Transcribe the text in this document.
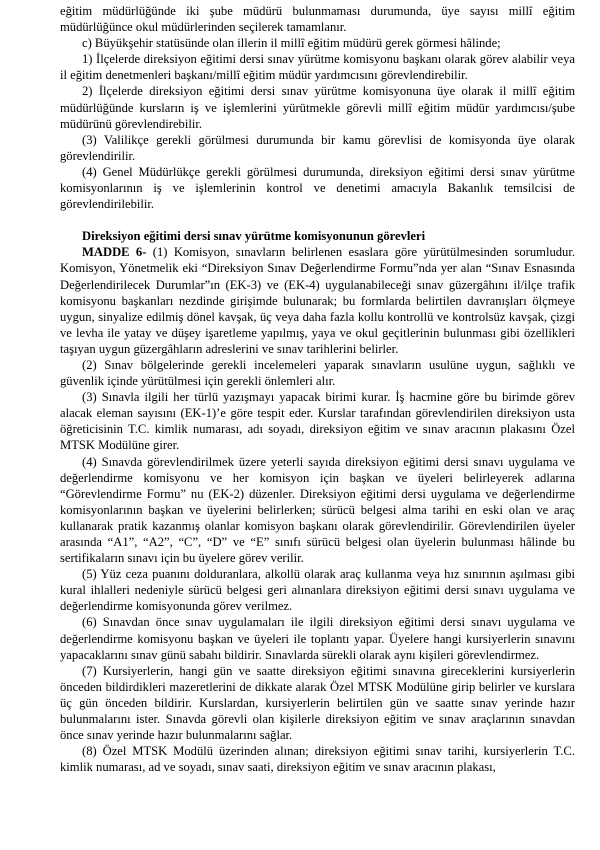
eğitim müdürlüğünde iki şube müdürü bulunmaması durumunda, üye sayısı millî eğitim müdürlüğünce okul müdürlerinden seçilerek tamamlanır.

c) Büyükşehir statüsünde olan illerin il millî eğitim müdürü gerek görmesi hâlinde;

1) İlçelerde direksiyon eğitimi dersi sınav yürütme komisyonu başkanı olarak görev alabilir veya il eğitim denetmenleri başkanı/millî eğitim müdür yardımcısını görevlendirebilir.

2) İlçelerde direksiyon eğitimi dersi sınav yürütme komisyonuna üye olarak il millî eğitim müdürlüğünde kursların iş ve işlemlerini yürütmekle görevli millî eğitim müdür yardımcısı/şube müdürünü görevlendirebilir.

(3) Valilikçe gerekli görülmesi durumunda bir kamu görevlisi de komisyonda üye olarak görevlendirilir.

(4) Genel Müdürlükçe gerekli görülmesi durumunda, direksiyon eğitimi dersi sınav yürütme komisyonlarının iş ve işlemlerinin kontrol ve denetimi amacıyla Bakanlık temsilcisi de görevlendirilebilir.

Direksiyon eğitimi dersi sınav yürütme komisyonunun görevleri

MADDE 6- (1) Komisyon, sınavların belirlenen esaslara göre yürütülmesinden sorumludur. Komisyon, Yönetmelik eki “Direksiyon Sınav Değerlendirme Formu”nda yer alan “Sınav Esnasında Değerlendirilecek Durumlar”ın (EK-3) ve (EK-4) uygulanabileceği sınav güzergâhını il/ilçe trafik komisyonu başkanları nezdinde girişimde bulunarak; bu formlarda belirtilen davranışları ölçmeye uygun, sinyalize edilmiş dönel kavşak, üç veya daha fazla kollu kontrollü ve kontrolsüz kavşak, çizgi ve levha ile yatay ve düşey işaretleme yapılmış, yaya ve okul geçitlerinin bulunması gibi özellikleri taşıyan uygun güzergâhların adreslerini ve sınav tarihlerini belirler.

(2) Sınav bölgelerinde gerekli incelemeleri yaparak sınavların usulüne uygun, sağlıklı ve güvenlik içinde yürütülmesi için gerekli önlemleri alır.

(3) Sınavla ilgili her türlü yazışmayı yapacak birimi kurar. İş hacmine göre bu birimde görev alacak eleman sayısını (EK-1)’e göre tespit eder. Kurslar tarafından görevlendirilen direksiyon usta öğreticisinin T.C. kimlik numarası, adı soyadı, direksiyon eğitim ve sınav aracının plakasını Özel MTSK Modülüne girer.

(4) Sınavda görevlendirilmek üzere yeterli sayıda direksiyon eğitimi dersi sınavı uygulama ve değerlendirme komisyonu ve her komisyon için başkan ve üyeleri belirleyerek adlarına “Görevlendirme Formu” nu (EK-2) düzenler. Direksiyon eğitimi dersi uygulama ve değerlendirme komisyonlarının başkan ve üyelerini belirlerken; sürücü belgesi alma tarihi en eski olan ve araç kullanarak pratik kazanmış olanlar komisyon başkanı olarak görevlendirilir. Görevlendirilen üyeler arasında “A1”, “A2”, “C”, “D” ve “E” sınıfı sürücü belgesi olan üyelerin bulunması hâlinde bu sertifikaların sınavı için bu üyelere görev verilir.

(5) Yüz ceza puanını dolduranlara, alkollü olarak araç kullanma veya hız sınırının aşılması gibi kural ihlalleri nedeniyle sürücü belgesi geri alınanlara direksiyon eğitimi dersi sınavı uygulama ve değerlendirme komisyonunda görev verilmez.

(6) Sınavdan önce sınav uygulamaları ile ilgili direksiyon eğitimi dersi sınavı uygulama ve değerlendirme komisyonu başkan ve üyeleri ile toplantı yapar. Üyelere hangi kursiyerlerin sınavını yapacaklarını sınav günü sabahı bildirir. Sınavlarda sürekli olarak aynı kişileri görevlendirmez.

(7) Kursiyerlerin, hangi gün ve saatte direksiyon eğitimi sınavına gireceklerini kursiyerlerin önceden bildirdikleri mazeretlerini de dikkate alarak Özel MTSK Modülüne girip belirler ve kurslara üç gün önceden bildirir. Kurslardan, kursiyerlerin belirtilen gün ve saatte sınav yerinde hazır bulunmalarını ister. Sınavda görevli olan kişilerle direksiyon eğitim ve sınav araçlarının sınavdan önce sınav yerinde hazır bulunmalarını sağlar.

(8) Özel MTSK Modülü üzerinden alınan; direksiyon eğitimi sınav tarihi, kursiyerlerin T.C. kimlik numarası, ad ve soyadı, sınav saati, direksiyon eğitim ve sınav aracının plakası,
